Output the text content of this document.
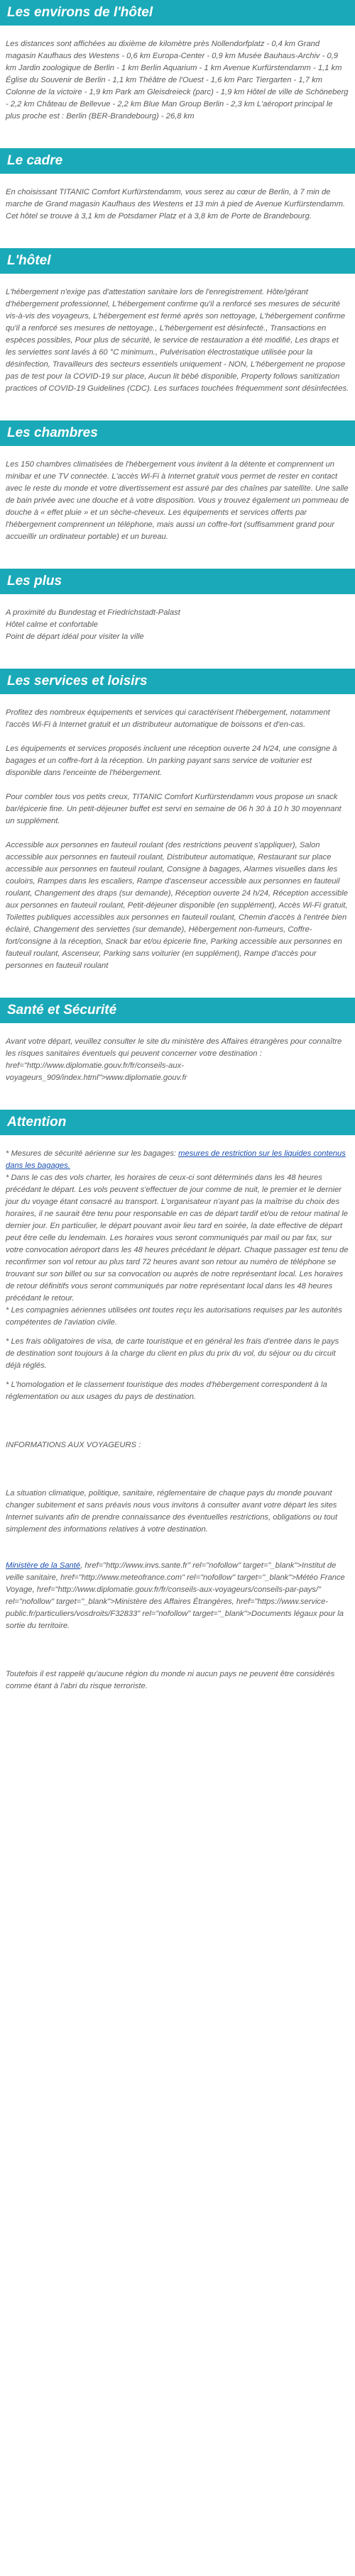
Les environs de l'hôtel

Les distances sont affichées au dixième de kilomètre près Nollendorfplatz - 0,4 km Grand magasin Kaufhaus des Westens - 0,6 km Europa-Center - 0,9 km Musée Bauhaus-Archiv - 0,9 km Jardin zoologique de Berlin - 1 km Berlin Aquarium - 1 km Avenue Kurfürstendamm - 1,1 km Église du Souvenir de Berlin - 1,1 km Théâtre de l'Ouest - 1,6 km Parc Tiergarten - 1,7 km Colonne de la victoire - 1,9 km Park am Gleisdreieck (parc) - 1,9 km Hôtel de ville de Schöneberg - 2,2 km Château de Bellevue - 2,2 km Blue Man Group Berlin - 2,3 km L'aéroport principal le plus proche est : Berlin (BER-Brandebourg) - 26,8 km

Le cadre

En choisissant TITANIC Comfort Kurfürstendamm, vous serez au cœur de Berlin, à 7 min de marche de Grand magasin Kaufhaus des Westens et 13 min à pied de Avenue Kurfürstendamm. Cet hôtel se trouve à 3,1 km de Potsdamer Platz et à 3,8 km de Porte de Brandebourg.

L'hôtel

L'hébergement n'exige pas d'attestation sanitaire lors de l'enregistrement. Hôte/gérant d'hébergement professionnel, L'hébergement confirme qu'il a renforcé ses mesures de sécurité vis-à-vis des voyageurs, L'hébergement est fermé après son nettoyage, L'hébergement confirme qu'il a renforcé ses mesures de nettoyage., L'hébergement est désinfecté., Transactions en espèces possibles, Pour plus de sécurité, le service de restauration a été modifié, Les draps et les serviettes sont lavés à 60 °C minimum., Pulvérisation électrostatique utilisée pour la désinfection, Travailleurs des secteurs essentiels uniquement - NON, L'hébergement ne propose pas de test pour la COVID-19 sur place, Aucun lit bébé disponible, Property follows sanitization practices of COVID-19 Guidelines (CDC). Les surfaces touchées fréquemment sont désinfectées.

Les chambres

Les 150 chambres climatisées de l'hébergement vous invitent à la détente et comprennent un minibar et une TV connectée. L'accès Wi-Fi à Internet gratuit vous permet de rester en contact avec le reste du monde et votre divertissement est assuré par des chaînes par satellite. Une salle de bain privée avec une douche et à votre disposition. Vous y trouvez également un pommeau de douche à « effet pluie » et un sèche-cheveux. Les équipements et services offerts par l'hébergement comprennent un téléphone, mais aussi un coffre-fort (suffisamment grand pour accueillir un ordinateur portable) et un bureau.

Les plus

A proximité du Bundestag et Friedrichstadt-Palast

Hôtel calme et confortable

Point de départ idéal pour visiter la ville

Les services et loisirs

Profitez des nombreux équipements et services qui caractérisent l'hébergement, notamment l'accès Wi-Fi à Internet gratuit et un distributeur automatique de boissons et d'en-cas.

Les équipements et services proposés incluent une réception ouverte 24 h/24, une consigne à bagages et un coffre-fort à la réception. Un parking payant sans service de voiturier est disponible dans l'enceinte de l'hébergement.

Pour combler tous vos petits creux, TITANIC Comfort Kurfürstendamm vous propose un snack bar/épicerie fine. Un petit-déjeuner buffet est servi en semaine de 06 h 30 à 10 h 30 moyennant un supplément.

Accessible aux personnes en fauteuil roulant (des restrictions peuvent s'appliquer), Salon accessible aux personnes en fauteuil roulant, Distributeur automatique, Restaurant sur place accessible aux personnes en fauteuil roulant, Consigne à bagages, Alarmes visuelles dans les couloirs, Rampes dans les escaliers, Rampe d'ascenseur accessible aux personnes en fauteuil roulant, Changement des draps (sur demande), Réception ouverte 24 h/24, Réception accessible aux personnes en fauteuil roulant, Petit-déjeuner disponible (en supplément), Accès Wi-Fi gratuit, Toilettes publiques accessibles aux personnes en fauteuil roulant, Chemin d'accès à l'entrée bien éclairé, Changement des serviettes (sur demande), Hébergement non-fumeurs, Coffre-fort/consigne à la réception, Snack bar et/ou épicerie fine, Parking accessible aux personnes en fauteuil roulant, Ascenseur, Parking sans voiturier (en supplément), Rampe d'accès pour personnes en fauteuil roulant

Santé et Sécurité

Avant votre départ, veuillez consulter le site du ministère des Affaires étrangères pour connaître les risques sanitaires éventuels qui peuvent concerner votre destination : href="http://www.diplomatie.gouv.fr/fr/conseils-aux-voyageurs_909/index.html">www.diplomatie.gouv.fr

Attention

* Mesures de sécurité aérienne sur les bagages: mesures de restriction sur les liquides contenus dans les bagages.

* Dans le cas des vols charter, les horaires de ceux-ci sont déterminés dans les 48 heures précédant le départ. Les vols peuvent s'effectuer de jour comme de nuit, le premier et le dernier jour du voyage étant consacré au transport. L'organisateur n'ayant pas la maîtrise du choix des horaires, il ne saurait être tenu pour responsable en cas de départ tardif et/ou de retour matinal le dernier jour. En particulier, le départ pouvant avoir lieu tard en soirée, la date effective de départ peut être celle du lendemain. Les horaires vous seront communiqués par mail ou par fax, sur votre convocation aéroport dans les 48 heures précédant le départ. Chaque passager est tenu de reconfirmer son vol retour au plus tard 72 heures avant son retour au numéro de téléphone se trouvant sur son billet ou sur sa convocation ou auprès de notre représentant local. Les horaires de retour définitifs vous seront communiqués par notre représentant local dans les 48 heures précédant le retour.

* Les compagnies aériennes utilisées ont toutes reçu les autorisations requises par les autorités compétentes de l'aviation civile.

* Les frais obligatoires de visa, de carte touristique et en général les frais d'entrée dans le pays de destination sont toujours à la charge du client en plus du prix du vol, du séjour ou du circuit déjà réglés.

* L'homologation et le classement touristique des modes d'hébergement correspondent à la réglementation ou aux usages du pays de destination.

INFORMATIONS AUX VOYAGEURS :

La situation climatique, politique, sanitaire, réglementaire de chaque pays du monde pouvant changer subitement et sans préavis nous vous invitons à consulter avant votre départ les sites Internet suivants afin de prendre connaissance des éventuelles restrictions, obligations ou tout simplement des informations relatives à votre destination.

Ministère de la Santé, href="http://www.invs.sante.fr" rel="nofollow" target="_blank">Institut de veille sanitaire, href="http://www.meteofrance.com" rel="nofollow" target="_blank">Météo France Voyage, href="http://www.diplomatie.gouv.fr/fr/conseils-aux-voyageurs/conseils-par-pays/" rel="nofollow" target="_blank">Ministère des Affaires Étrangères, href="https://www.service-public.fr/particuliers/vosdroits/F32833" rel="nofollow" target="_blank">Documents légaux pour la sortie du territoire.

Toutefois il est rappelé qu'aucune région du monde ni aucun pays ne peuvent être considérés comme étant à l'abri du risque terroriste.
